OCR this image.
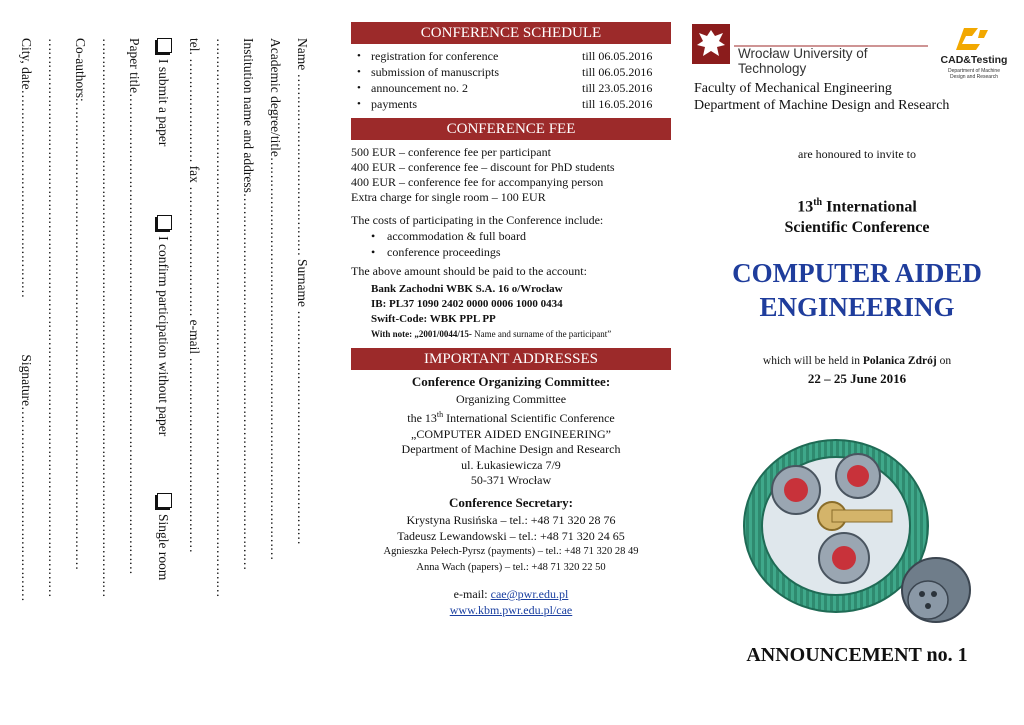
Name …………………………………… Surname ………………………………………………
Academic degree/title…………………………………………………………………………………
Institution name and address……………………………………………………………………………
…………………………………………………………………………………………………………………
tel. …………………… fax ………………………… e-mail ………………………………………
I submit a paper  I confirm participation without paper  Single room
Paper title…………………………………………………………………………………………………
…………………………………………………………………………………………………………………
Co-authors:………………………………………………………………………………………………
…………………………………………………………………………………………………………………
City, date…………………………………………  Signature………………………………………
CONFERENCE SCHEDULE
• registration for conference	till 06.05.2016
• submission of manuscripts	till 06.05.2016
• announcement no. 2	till 23.05.2016
• payments	till 16.05.2016
CONFERENCE FEE

500 EUR – conference fee per participant

400 EUR – conference fee – discount for PhD students

400 EUR – conference fee for accompanying person

Extra charge for single room – 100 EUR

The costs of participating in the Conference include:

• accommodation & full board
• conference proceedings

The above amount should be paid to the account:

Bank Zachodni WBK S.A. 16 o/Wrocław
IB: PL37 1090 2402 0000 0006 1000 0434
Swift-Code: WBK PPL PP
With note: „2001/0044/15- Name and surname of the participant”
IMPORTANT ADDRESSES
Conference Organizing Committee:
Organizing Committee
the 13th International Scientific Conference
„COMPUTER AIDED ENGINEERING”
Department of Machine Design and Research
ul. Łukasiewicza 7/9
50-371 Wrocław
Conference Secretary:
Krystyna Rusińska – tel.: +48 71 320 28 76
Tadeusz Lewandowski – tel.: +48 71 320 24 65
Agnieszka Pełech-Pyrsz (payments) – tel.: +48 71 320 28 49
Anna Wach (papers) – tel.: +48 71 320 22 50
e-mail: cae@pwr.edu.pl
www.kbm.pwr.edu.pl/cae
Wrocław University of Technology
CAD&Testing
Department of Machine
Design and Research
Faculty of Mechanical Engineering
Department of Machine Design and Research
are honoured to invite to
13th International
Scientific Conference
COMPUTER AIDED
ENGINEERING
which will be held in Polanica Zdrój on
22 – 25 June 2016
ANNOUNCEMENT no. 1
